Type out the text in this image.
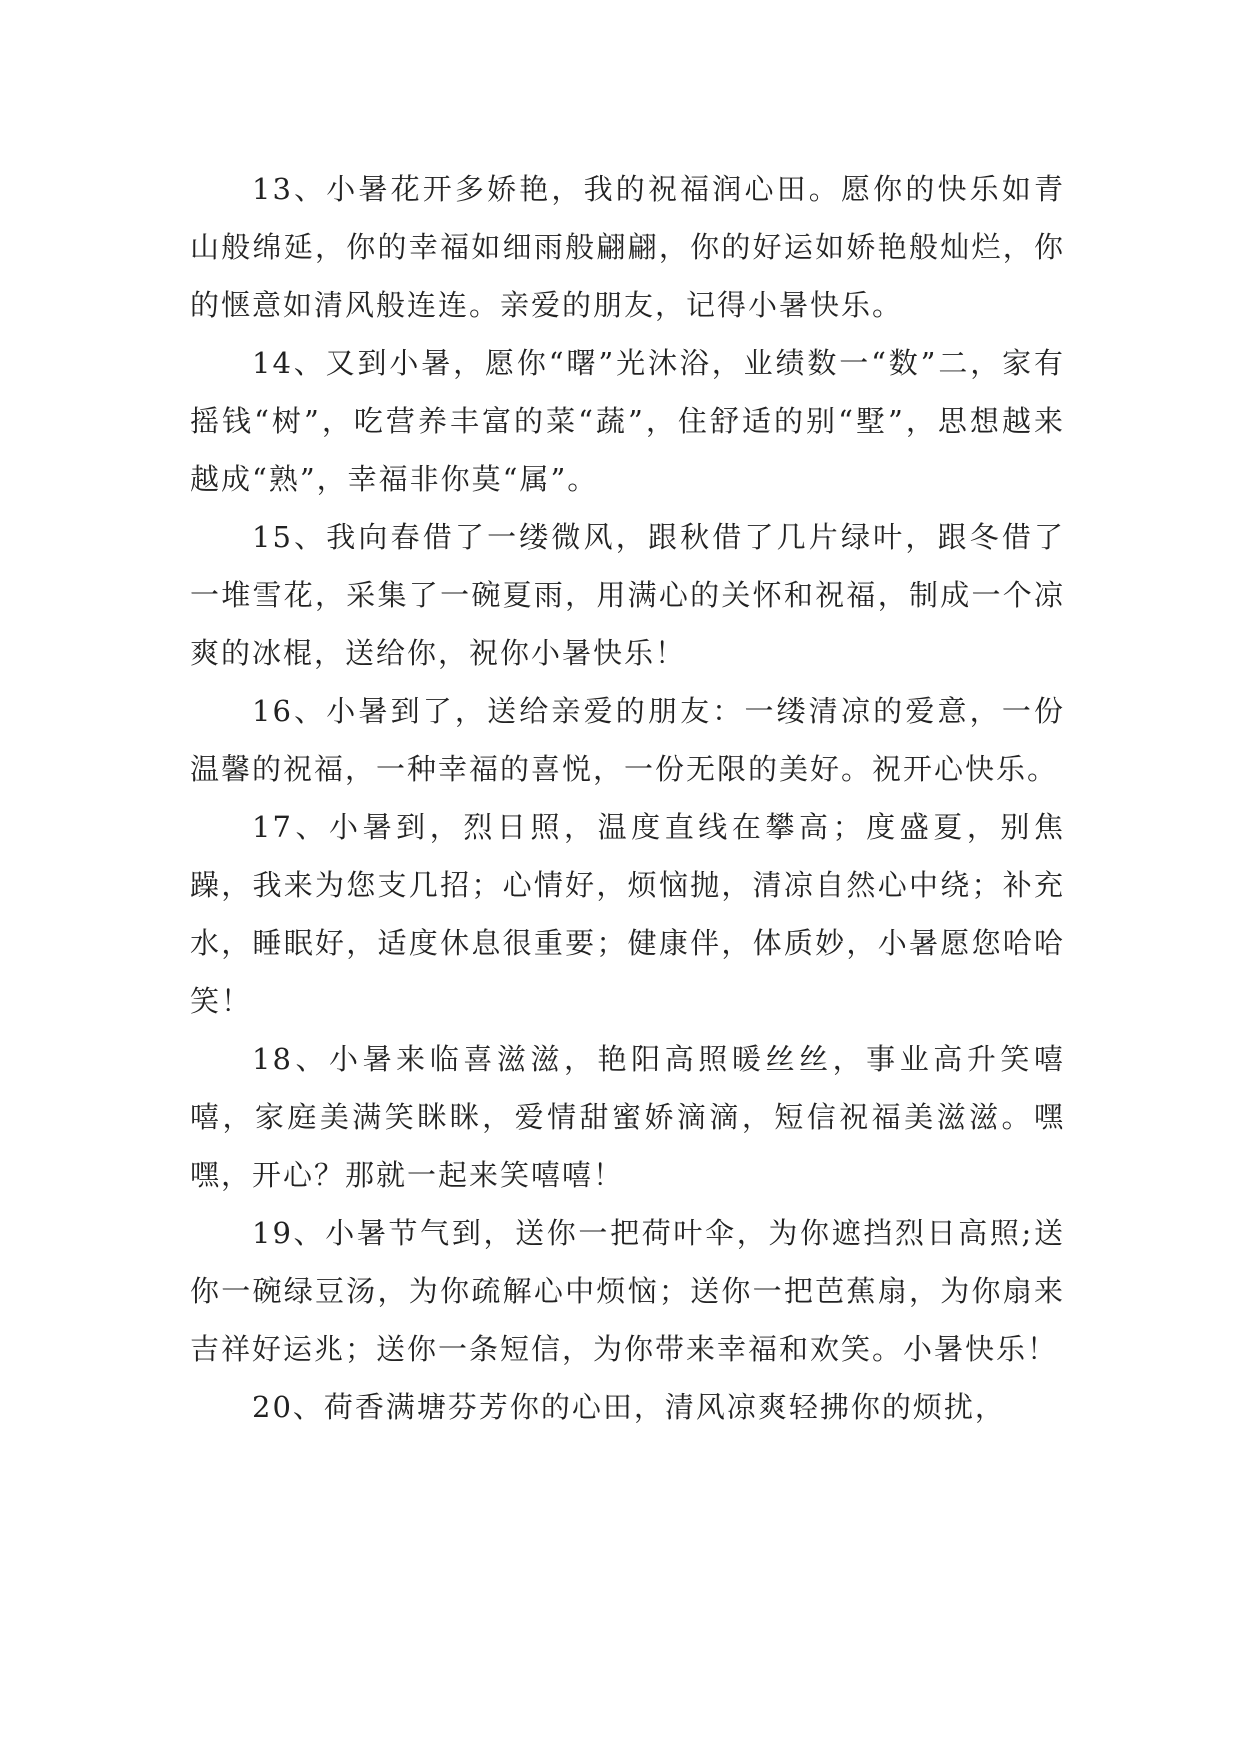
13、小暑花开多娇艳，我的祝福润心田。愿你的快乐如青山般绵延，你的幸福如细雨般翩翩，你的好运如娇艳般灿烂，你的惬意如清风般连连。亲爱的朋友，记得小暑快乐。

14、又到小暑，愿你“曙”光沐浴，业绩数一“数”二，家有摇钱“树”，吃营养丰富的菜“蔬”，住舒适的别“墅”，思想越来越成“熟”，幸福非你莫“属”。

15、我向春借了一缕微风，跟秋借了几片绿叶，跟冬借了一堆雪花，采集了一碗夏雨，用满心的关怀和祝福，制成一个凉爽的冰棍，送给你，祝你小暑快乐！

16、小暑到了，送给亲爱的朋友：一缕清凉的爱意，一份温馨的祝福，一种幸福的喜悦，一份无限的美好。祝开心快乐。

17、小暑到，烈日照，温度直线在攀高；度盛夏，别焦躁，我来为您支几招；心情好，烦恼抛，清凉自然心中绕；补充水，睡眠好，适度休息很重要；健康伴，体质妙，小暑愿您哈哈笑！

18、小暑来临喜滋滋，艳阳高照暖丝丝，事业高升笑嘻嘻，家庭美满笑眯眯，爱情甜蜜娇滴滴，短信祝福美滋滋。嘿嘿，开心？那就一起来笑嘻嘻！

19、小暑节气到，送你一把荷叶伞，为你遮挡烈日高照;送你一碗绿豆汤，为你疏解心中烦恼；送你一把芭蕉扇，为你扇来吉祥好运兆；送你一条短信，为你带来幸福和欢笑。小暑快乐！

20、荷香满塘芬芳你的心田，清风凉爽轻拂你的烦扰，
